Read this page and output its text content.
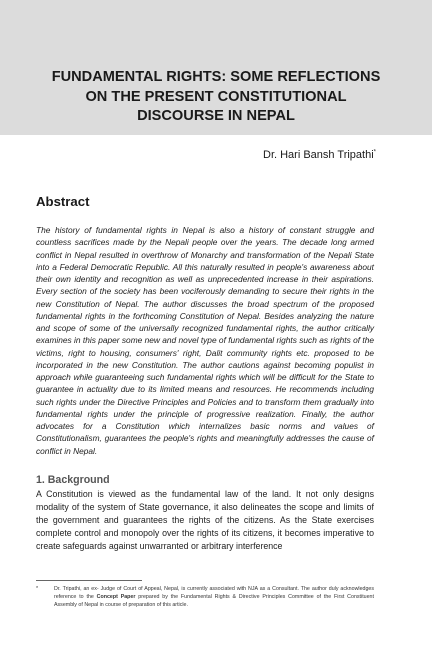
FUNDAMENTAL RIGHTS: SOME REFLECTIONS
ON THE PRESENT CONSTITUTIONAL
DISCOURSE IN NEPAL
Dr. Hari Bansh Tripathi*
Abstract

The history of fundamental rights in Nepal is also a history of constant struggle and countless sacrifices made by the Nepali people over the years. The decade long armed conflict in Nepal resulted in overthrow of Monarchy and transformation of the Nepali State into a Federal Democratic Republic. All this naturally resulted in people's awareness about their own identity and recognition as well as unprecedented increase in their aspirations. Every section of the society has been vociferously demanding to secure their rights in the new Constitution of Nepal. The author discusses the broad spectrum of the proposed fundamental rights in the forthcoming Constitution of Nepal. Besides analyzing the nature and scope of some of the universally recognized fundamental rights, the author critically examines in this paper some new and novel type of fundamental rights such as rights of the victims, right to housing, consumers' right, Dalit community rights etc. proposed to be incorporated in the new Constitution. The author cautions against becoming populist in approach while guaranteeing such fundamental rights which will be difficult for the State to guarantee in actuality due to its limited means and resources. He recommends including such rights under the Directive Principles and Policies and to transform them gradually into fundamental rights under the principle of progressive realization. Finally, the author advocates for a Constitution which internalizes basic norms and values of Constitutionalism, guarantees the people's rights and meaningfully addresses the cause of conflict in Nepal.

1. Background

A Constitution is viewed as the fundamental law of the land. It not only designs modality of the system of State governance, it also delineates the scope and limits of the government and guarantees the rights of the citizens. As the State exercises complete control and monopoly over the rights of its citizens, it becomes imperative to create safeguards against unwarranted or arbitrary interference

*	Dr. Tripathi, an ex- Judge of Court of Appeal, Nepal, is currently associated with NJA as a Consultant. The author duly acknowledges reference to the Concept Paper prepared by the Fundamental Rights & Directive Principles Committee of the First Constituent Assembly of Nepal in course of preparation of this article.
